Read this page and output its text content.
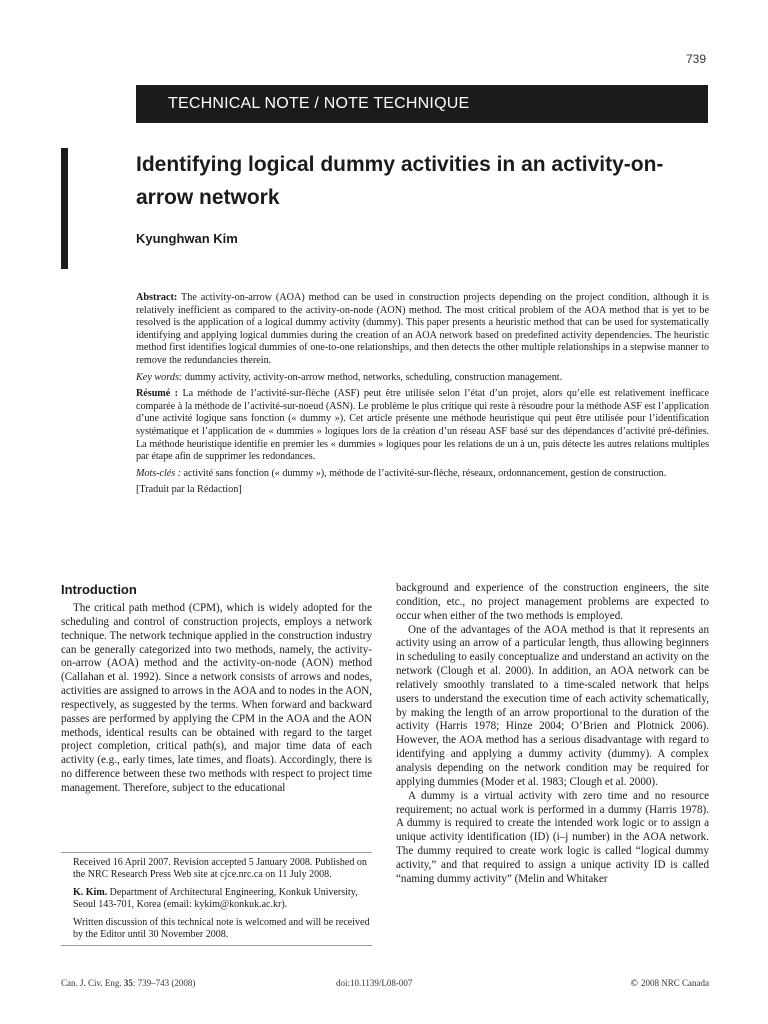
739
TECHNICAL NOTE / NOTE TECHNIQUE
Identifying logical dummy activities in an activity-on-arrow network
Kyunghwan Kim

Abstract: The activity-on-arrow (AOA) method can be used in construction projects depending on the project condition, although it is relatively inefficient as compared to the activity-on-node (AON) method. The most critical problem of the AOA method that is yet to be resolved is the application of a logical dummy activity (dummy). This paper presents a heuristic method that can be used for systematically identifying and applying logical dummies during the creation of an AOA network based on predefined activity dependencies. The heuristic method first identifies logical dummies of one-to-one relationships, and then detects the other multiple relationships in a stepwise manner to remove the redundancies therein.

Key words: dummy activity, activity-on-arrow method, networks, scheduling, construction management.

Résumé : La méthode de l’activité-sur-flèche (ASF) peut être utilisée selon l’état d’un projet, alors qu’elle est relativement inefficace comparée à la méthode de l’activité-sur-noeud (ASN). Le problème le plus critique qui reste à résoudre pour la méthode ASF est l’application d’une activité logique sans fonction (« dummy »). Cet article présente une méthode heuristique qui peut être utilisée pour l’identification systématique et l’application de « dummies » logiques lors de la création d’un réseau ASF basé sur des dépendances d’activité pré-définies. La méthode heuristique identifie en premier les « dummies » logiques pour les relations de un à un, puis détecte les autres relations multiples par étape afin de supprimer les redondances.

Mots-clés : activité sans fonction (« dummy »), méthode de l’activité-sur-flèche, réseaux, ordonnancement, gestion de construction.

[Traduit par la Rédaction]

Introduction

The critical path method (CPM), which is widely adopted for the scheduling and control of construction projects, employs a network technique. The network technique applied in the construction industry can be generally categorized into two methods, namely, the activity-on-arrow (AOA) method and the activity-on-node (AON) method (Callahan et al. 1992). Since a network consists of arrows and nodes, activities are assigned to arrows in the AOA and to nodes in the AON, respectively, as suggested by the terms. When forward and backward passes are performed by applying the CPM in the AOA and the AON methods, identical results can be obtained with regard to the target project completion, critical path(s), and major time data of each activity (e.g., early times, late times, and floats). Accordingly, there is no difference between these two methods with respect to project time management. Therefore, subject to the educational

background and experience of the construction engineers, the site condition, etc., no project management problems are expected to occur when either of the two methods is employed.

One of the advantages of the AOA method is that it represents an activity using an arrow of a particular length, thus allowing beginners in scheduling to easily conceptualize and understand an activity on the network (Clough et al. 2000). In addition, an AOA network can be relatively smoothly translated to a time-scaled network that helps users to understand the execution time of each activity schematically, by making the length of an arrow proportional to the duration of the activity (Harris 1978; Hinze 2004; O’Brien and Plotnick 2006). However, the AOA method has a serious disadvantage with regard to identifying and applying a dummy activity (dummy). A complex analysis depending on the network condition may be required for applying dummies (Moder et al. 1983; Clough et al. 2000).

A dummy is a virtual activity with zero time and no resource requirement; no actual work is performed in a dummy (Harris 1978). A dummy is required to create the intended work logic or to assign a unique activity identification (ID) (i–j number) in the AOA network. The dummy required to create work logic is called “logical dummy activity,” and that required to assign a unique activity ID is called “naming dummy activity” (Melin and Whitaker

Received 16 April 2007. Revision accepted 5 January 2008. Published on the NRC Research Press Web site at cjce.nrc.ca on 11 July 2008.

K. Kim. Department of Architectural Engineering, Konkuk University, Seoul 143-701, Korea (email: kykim@konkuk.ac.kr).

Written discussion of this technical note is welcomed and will be received by the Editor until 30 November 2008.

Can. J. Civ. Eng. 35: 739–743 (2008)	doi:10.1139/L08-007	© 2008 NRC Canada
